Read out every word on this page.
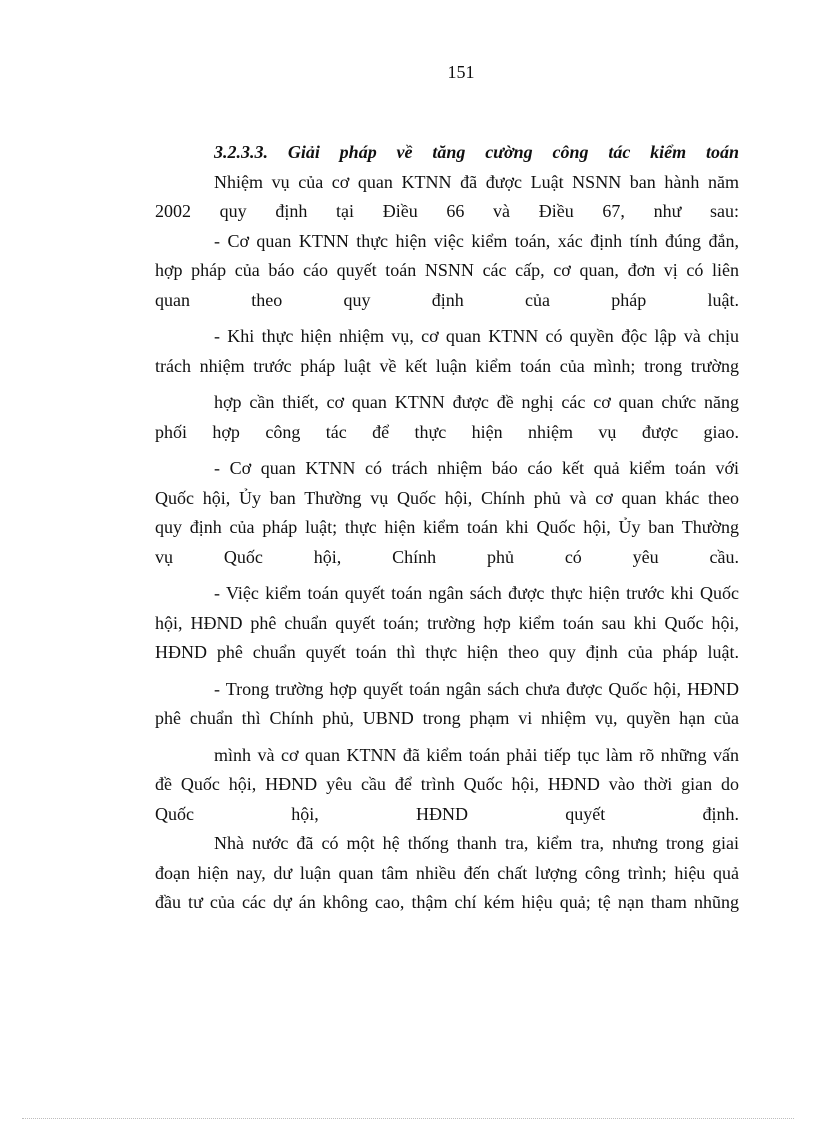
151
3.2.3.3. Giải pháp về tăng cường công tác kiểm toán
Nhiệm vụ của cơ quan KTNN đã được Luật NSNN ban hành năm
2002 quy định tại Điều 66 và Điều 67, như sau:
- Cơ quan KTNN thực hiện việc kiểm toán, xác định tính đúng đắn,
hợp pháp của báo cáo quyết toán NSNN các cấp, cơ quan, đơn vị có liên
quan theo quy định của pháp luật.
- Khi thực hiện nhiệm vụ, cơ quan KTNN có quyền độc lập và chịu
trách nhiệm trước pháp luật về kết luận kiểm toán của mình; trong trường
hợp cần thiết, cơ quan KTNN được đề nghị các cơ quan chức năng
phối hợp công tác để thực hiện nhiệm vụ được giao.
- Cơ quan KTNN có trách nhiệm báo cáo kết quả kiểm toán với
Quốc hội, Ủy ban Thường vụ Quốc hội, Chính phủ và cơ quan khác theo
quy định của pháp luật; thực hiện kiểm toán khi Quốc hội, Ủy ban Thường
vụ Quốc hội, Chính phủ có yêu cầu.
- Việc kiểm toán quyết toán ngân sách được thực hiện trước khi Quốc
hội, HĐND phê chuẩn quyết toán; trường hợp kiểm toán sau khi Quốc hội,
HĐND phê chuẩn quyết toán thì thực hiện theo quy định của pháp luật.
- Trong trường hợp quyết toán ngân sách chưa được Quốc hội, HĐND
phê chuẩn thì Chính phủ, UBND trong phạm vi nhiệm vụ, quyền hạn của
mình và cơ quan KTNN đã kiểm toán phải tiếp tục làm rõ những vấn
đề Quốc hội, HĐND yêu cầu để trình Quốc hội, HĐND vào thời gian do
Quốc hội, HĐND quyết định.
Nhà nước đã có một hệ thống thanh tra, kiểm tra, nhưng trong giai
đoạn hiện nay, dư luận quan tâm nhiều đến chất lượng công trình; hiệu quả
đầu tư của các dự án không cao, thậm chí kém hiệu quả; tệ nạn tham nhũng
